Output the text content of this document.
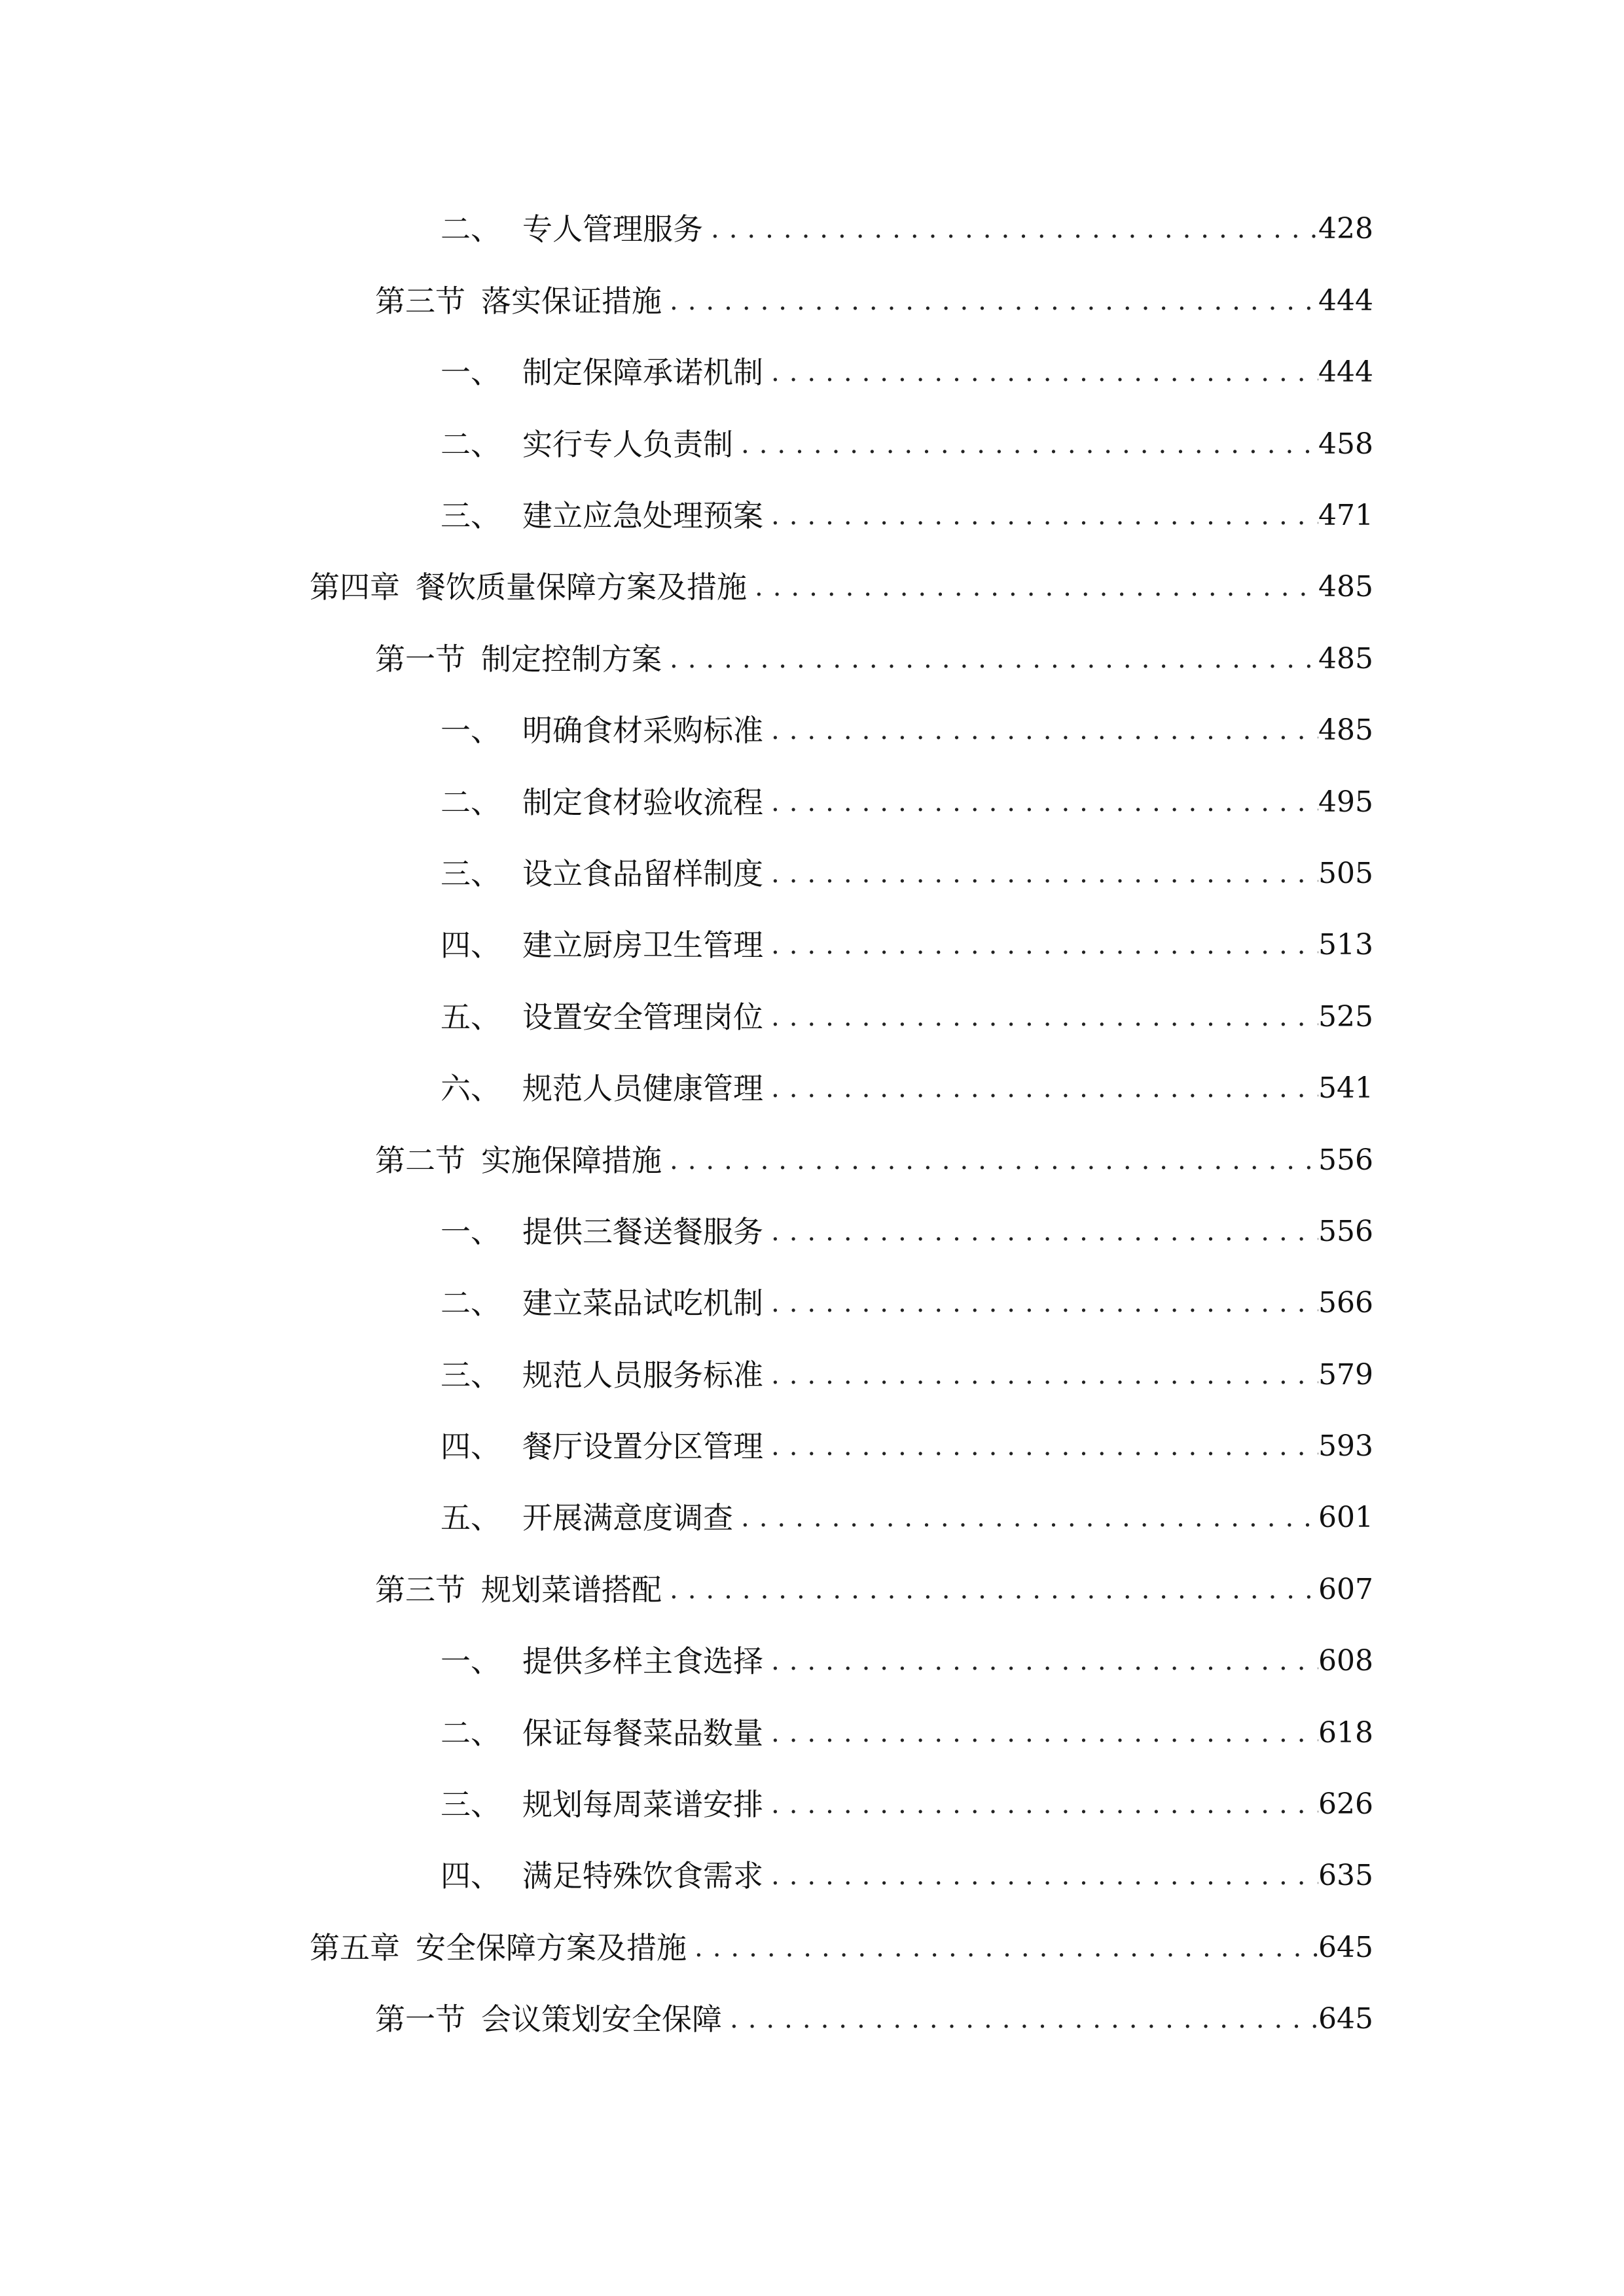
二、 专人管理服务 .....	428
第三节 落实保证措施 .....	444
一、 制定保障承诺机制 .....	444
二、 实行专人负责制 .....	458
三、 建立应急处理预案 .....	471
第四章 餐饮质量保障方案及措施 .....	485
第一节 制定控制方案 .....	485
一、 明确食材采购标准 .....	485
二、 制定食材验收流程 .....	495
三、 设立食品留样制度 .....	505
四、 建立厨房卫生管理 .....	513
五、 设置安全管理岗位 .....	525
六、 规范人员健康管理 .....	541
第二节 实施保障措施 .....	556
一、 提供三餐送餐服务 .....	556
二、 建立菜品试吃机制 .....	566
三、 规范人员服务标准 .....	579
四、 餐厅设置分区管理 .....	593
五、 开展满意度调查 .....	601
第三节 规划菜谱搭配 .....	607
一、 提供多样主食选择 .....	608
二、 保证每餐菜品数量 .....	618
三、 规划每周菜谱安排 .....	626
四、 满足特殊饮食需求 .....	635
第五章 安全保障方案及措施 .....	645
第一节 会议策划安全保障 .....	645
